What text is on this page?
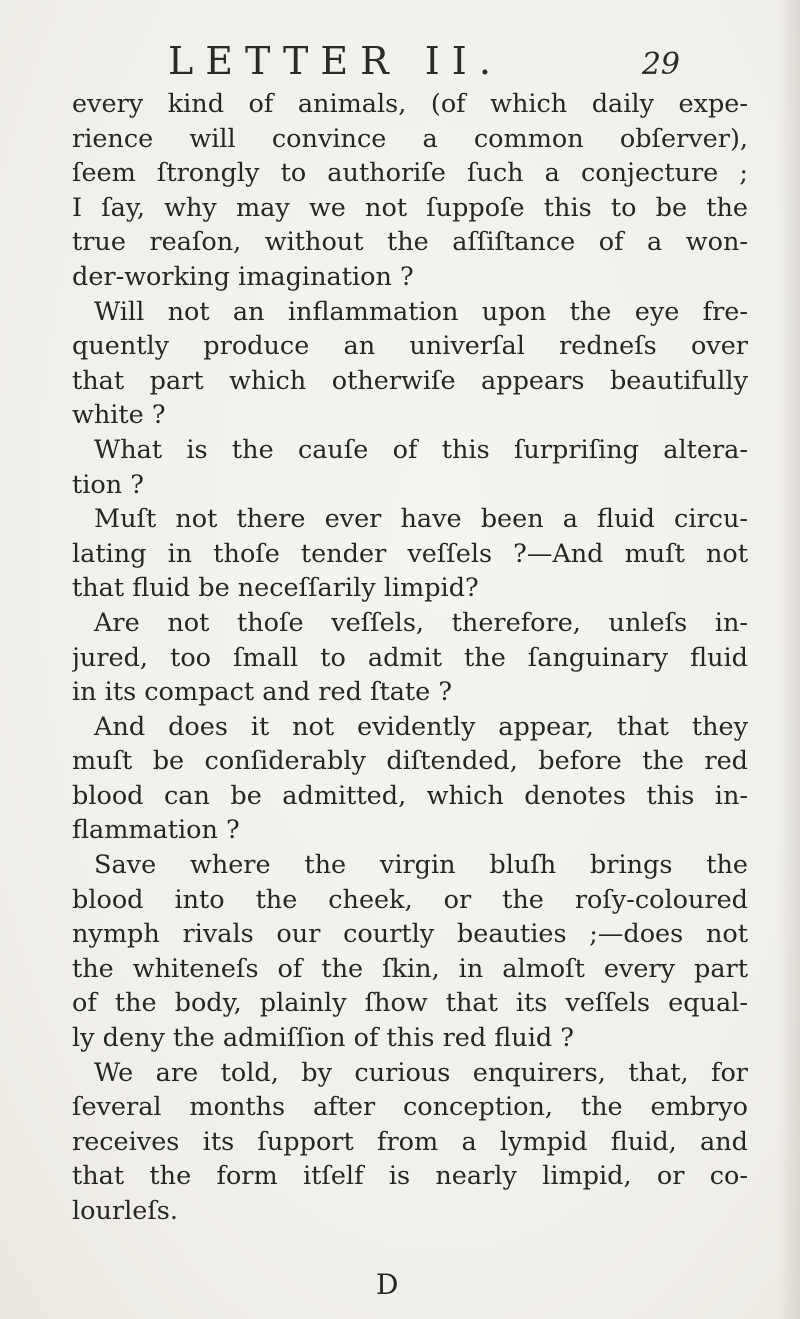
LETTER II.	29
every kind of animals, (of which daily expe-
rience will convince a common obſerver),
ſeem ſtrongly to authoriſe ſuch a conjecture ;
I ſay, why may we not ſuppoſe this to be the
true reaſon, without the aſſiſtance of a won-
der-working imagination ?
Will not an inflammation upon the eye fre-
quently produce an univerſal redneſs over
that part which otherwiſe appears beautifully
white ?
What is the cauſe of this ſurpriſing altera-
tion ?
Muſt not there ever have been a fluid circu-
lating in thoſe tender veſſels ?—And muſt not
that fluid be neceſſarily limpid?
Are not thoſe veſſels, therefore, unleſs in-
jured, too ſmall to admit the ſanguinary fluid
in its compact and red ſtate ?
And does it not evidently appear, that they
muſt be conſiderably diſtended, before the red
blood can be admitted, which denotes this in-
flammation ?
Save where the virgin bluſh brings the
blood into the cheek, or the roſy-coloured
nymph rivals our courtly beauties ;—does not
the whiteneſs of the ſkin, in almoſt every part
of the body, plainly ſhow that its veſſels equal-
ly deny the admiſſion of this red fluid ?
We are told, by curious enquirers, that, for
ſeveral months after conception, the embryo
receives its ſupport from a lympid fluid, and
that the form itſelf is nearly limpid, or co-
lourleſs.
D
